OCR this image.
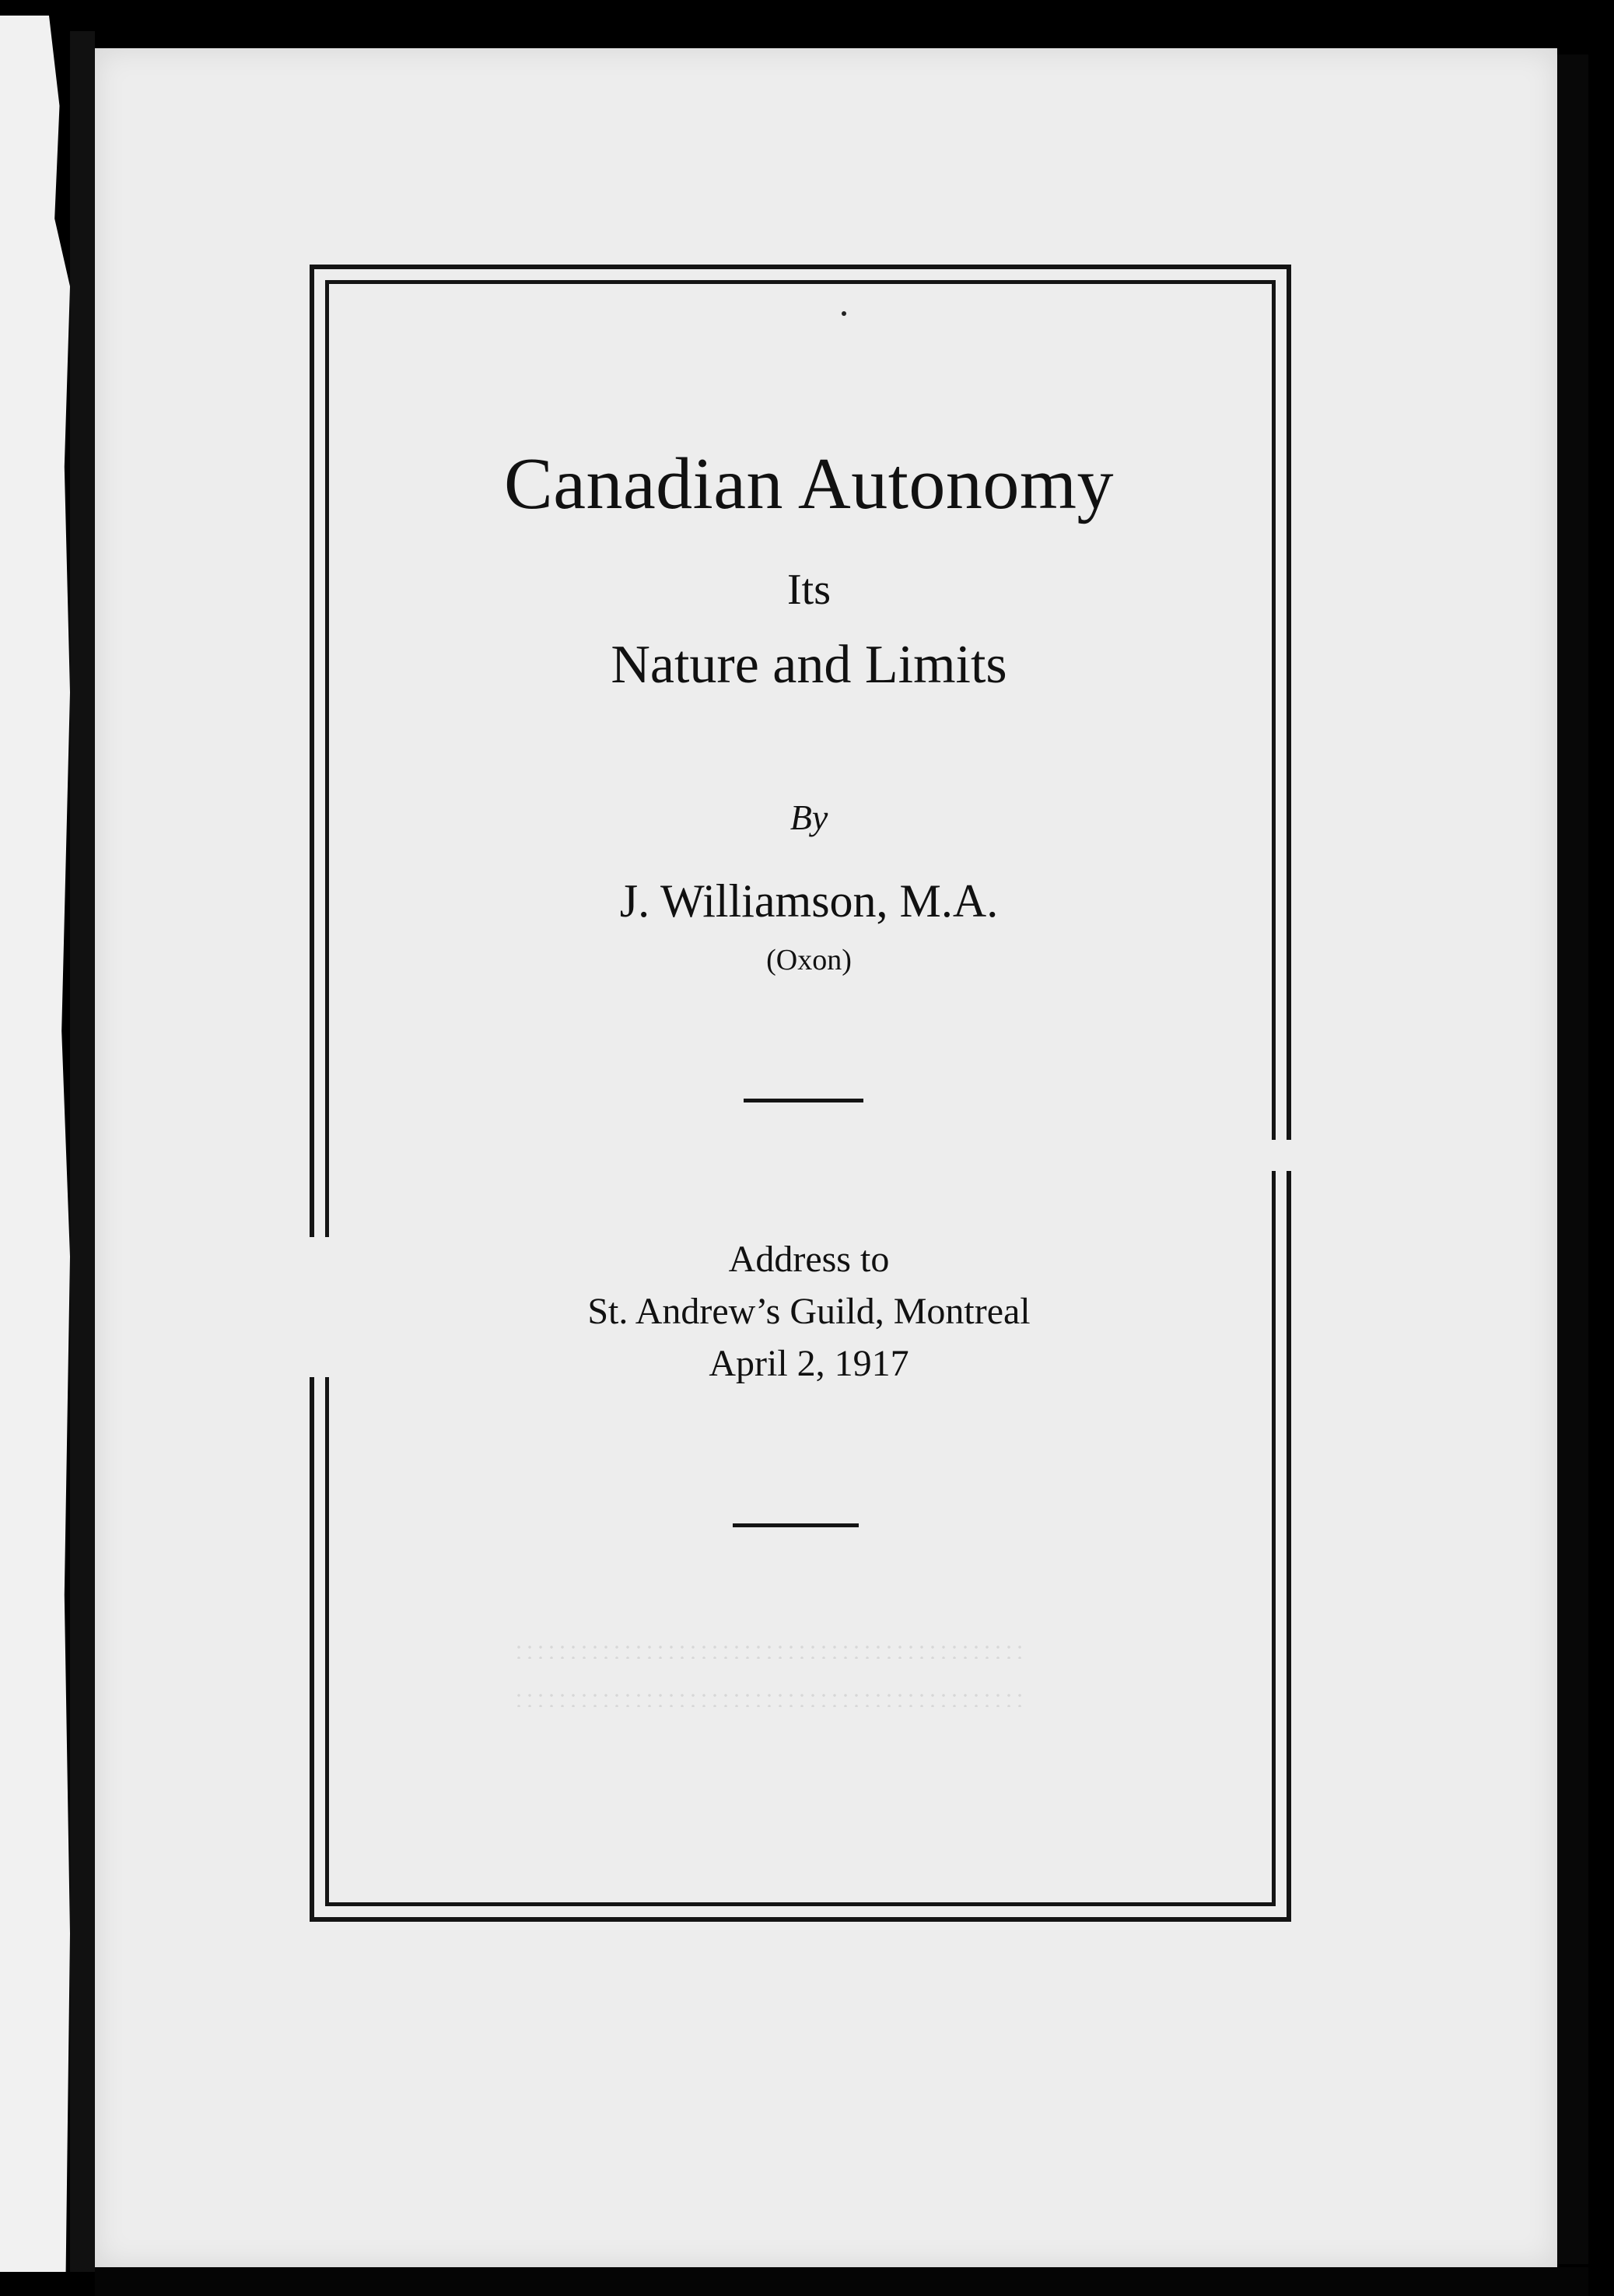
Canadian Autonomy
Its
Nature and Limits
By
J. Williamson, M.A.
(Oxon)
Address to
St. Andrew’s Guild, Montreal
April 2, 1917
